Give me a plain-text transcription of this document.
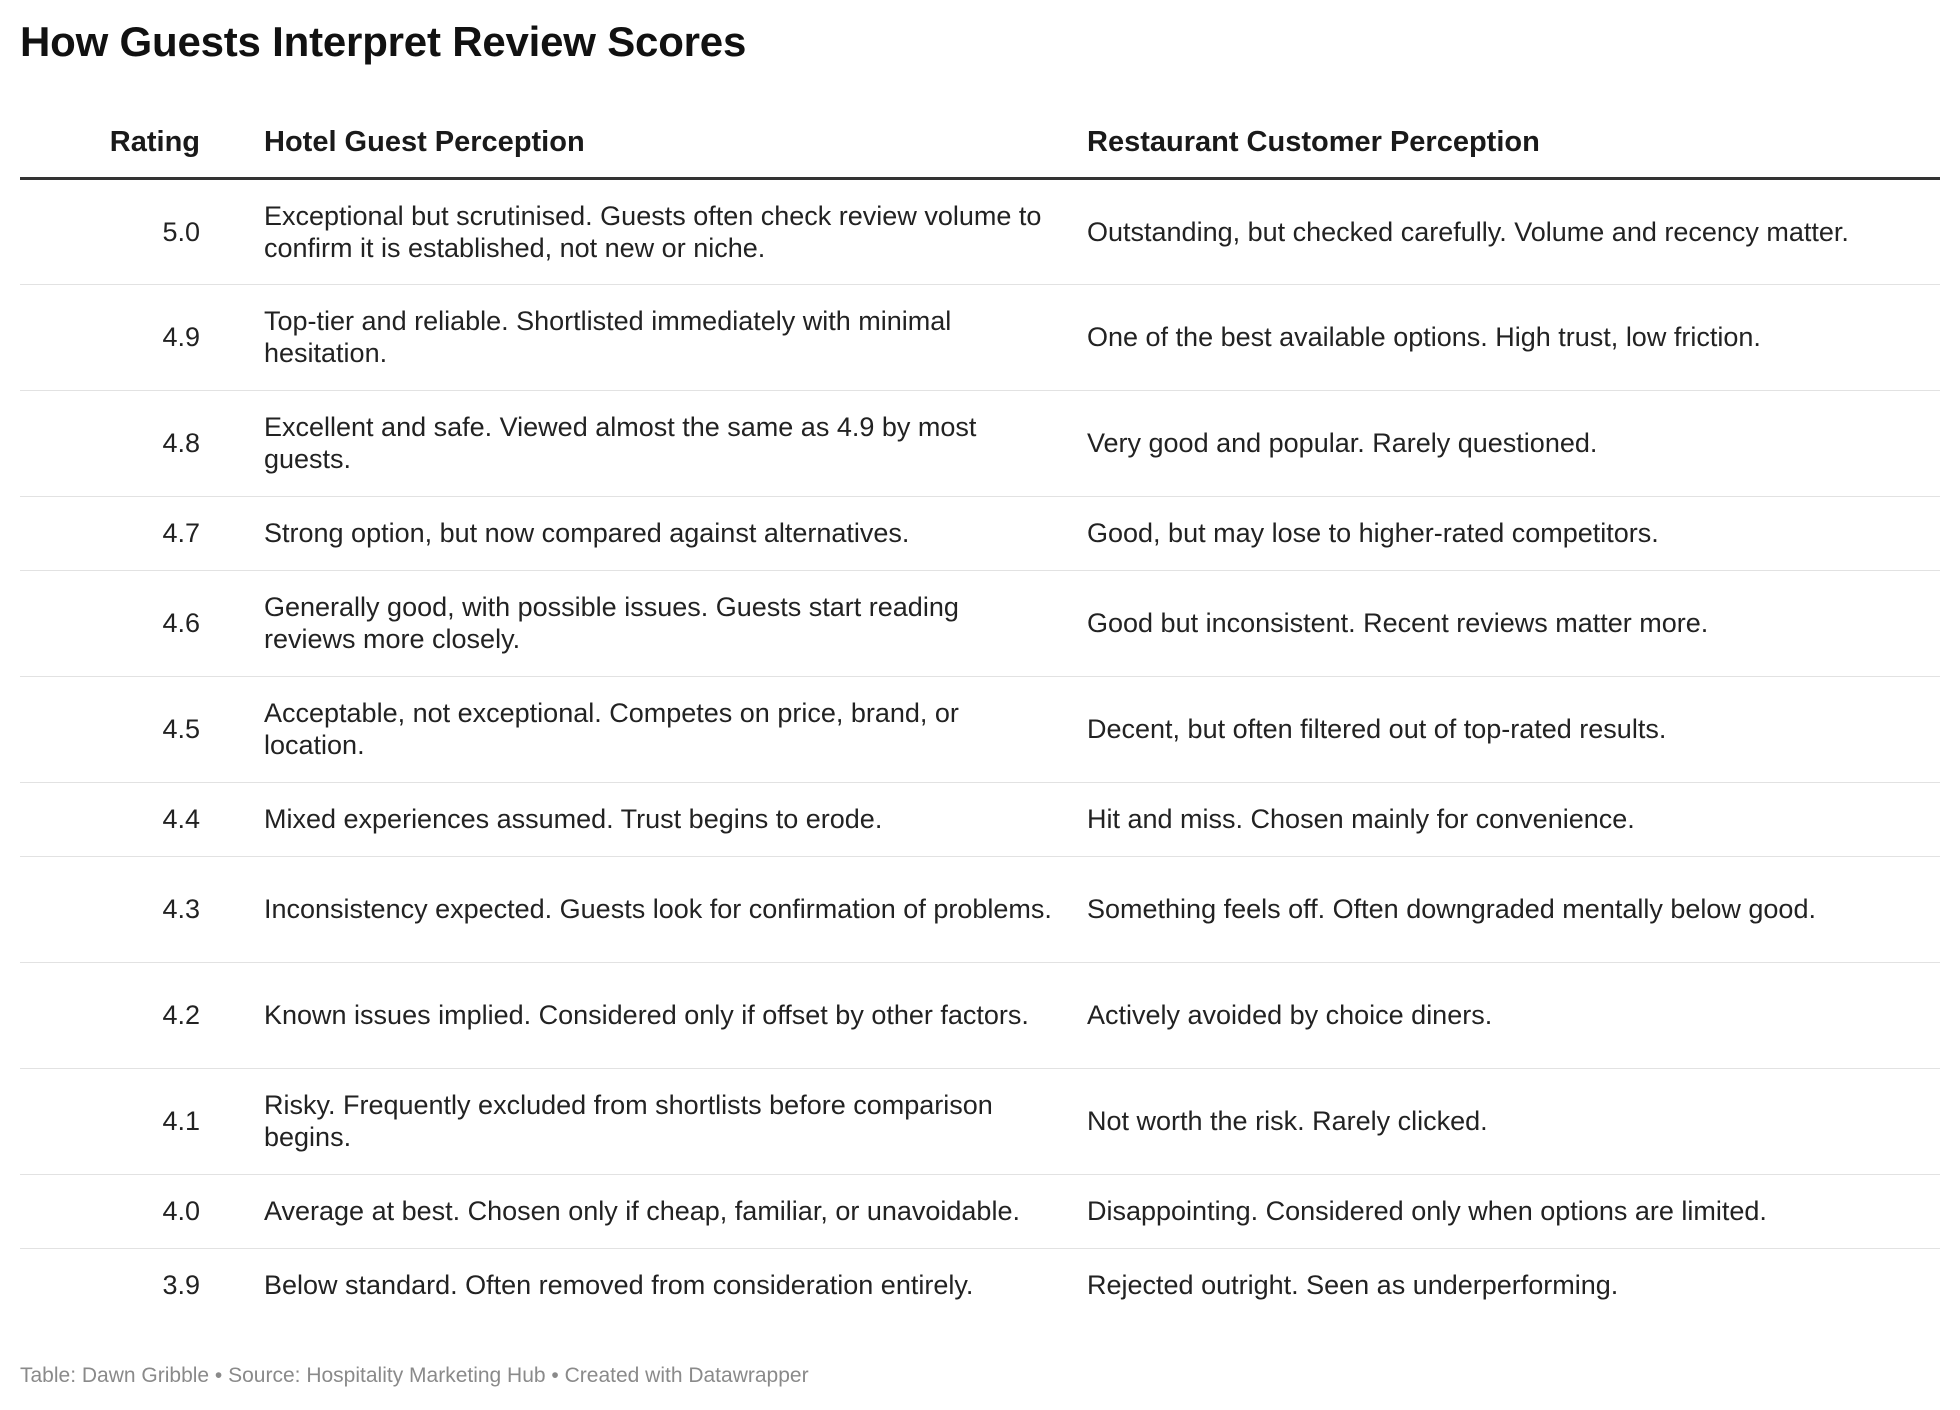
How Guests Interpret Review Scores
Rating	Hotel Guest Perception	Restaurant Customer Perception
5.0	Exceptional but scrutinised. Guests often check review volume to confirm it is established, not new or niche.	Outstanding, but checked carefully. Volume and recency matter.
4.9	Top-tier and reliable. Shortlisted immediately with minimal hesitation.	One of the best available options. High trust, low friction.
4.8	Excellent and safe. Viewed almost the same as 4.9 by most guests.	Very good and popular. Rarely questioned.
4.7	Strong option, but now compared against alternatives.	Good, but may lose to higher-rated competitors.
4.6	Generally good, with possible issues. Guests start reading reviews more closely.	Good but inconsistent. Recent reviews matter more.
4.5	Acceptable, not exceptional. Competes on price, brand, or location.	Decent, but often filtered out of top-rated results.
4.4	Mixed experiences assumed. Trust begins to erode.	Hit and miss. Chosen mainly for convenience.
4.3	Inconsistency expected. Guests look for confirmation of problems.	Something feels off. Often downgraded mentally below good.
4.2	Known issues implied. Considered only if offset by other factors.	Actively avoided by choice diners.
4.1	Risky. Frequently excluded from shortlists before comparison begins.	Not worth the risk. Rarely clicked.
4.0	Average at best. Chosen only if cheap, familiar, or unavoidable.	Disappointing. Considered only when options are limited.
3.9	Below standard. Often removed from consideration entirely.	Rejected outright. Seen as underperforming.
Table: Dawn Gribble • Source: Hospitality Marketing Hub • Created with Datawrapper
